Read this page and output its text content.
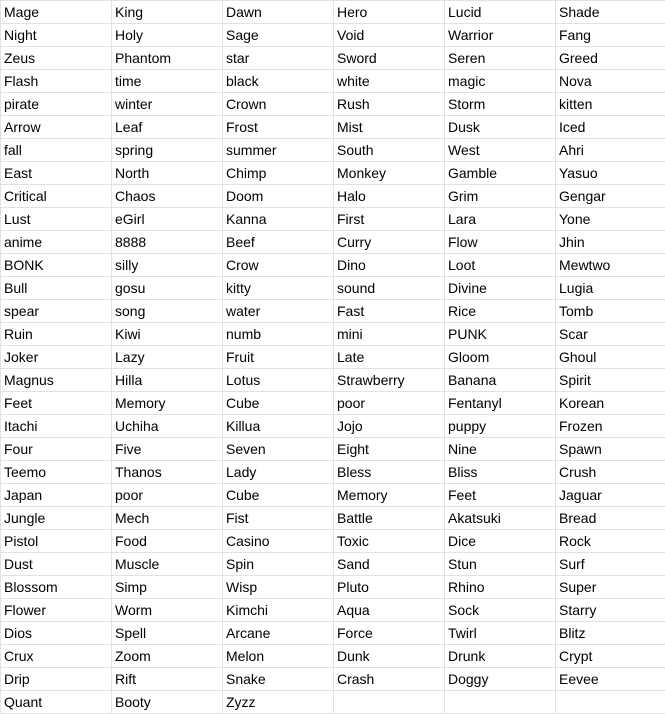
Mage	King	Dawn	Hero	Lucid	Shade
Night	Holy	Sage	Void	Warrior	Fang
Zeus	Phantom	star	Sword	Seren	Greed
Flash	time	black	white	magic	Nova
pirate	winter	Crown	Rush	Storm	kitten
Arrow	Leaf	Frost	Mist	Dusk	Iced
fall	spring	summer	South	West	Ahri
East	North	Chimp	Monkey	Gamble	Yasuo
Critical	Chaos	Doom	Halo	Grim	Gengar
Lust	eGirl	Kanna	First	Lara	Yone
anime	8888	Beef	Curry	Flow	Jhin
BONK	silly	Crow	Dino	Loot	Mewtwo
Bull	gosu	kitty	sound	Divine	Lugia
spear	song	water	Fast	Rice	Tomb
Ruin	Kiwi	numb	mini	PUNK	Scar
Joker	Lazy	Fruit	Late	Gloom	Ghoul
Magnus	Hilla	Lotus	Strawberry	Banana	Spirit
Feet	Memory	Cube	poor	Fentanyl	Korean
Itachi	Uchiha	Killua	Jojo	puppy	Frozen
Four	Five	Seven	Eight	Nine	Spawn
Teemo	Thanos	Lady	Bless	Bliss	Crush
Japan	poor	Cube	Memory	Feet	Jaguar
Jungle	Mech	Fist	Battle	Akatsuki	Bread
Pistol	Food	Casino	Toxic	Dice	Rock
Dust	Muscle	Spin	Sand	Stun	Surf
Blossom	Simp	Wisp	Pluto	Rhino	Super
Flower	Worm	Kimchi	Aqua	Sock	Starry
Dios	Spell	Arcane	Force	Twirl	Blitz
Crux	Zoom	Melon	Dunk	Drunk	Crypt
Drip	Rift	Snake	Crash	Doggy	Eevee
Quant	Booty	Zyzz			
